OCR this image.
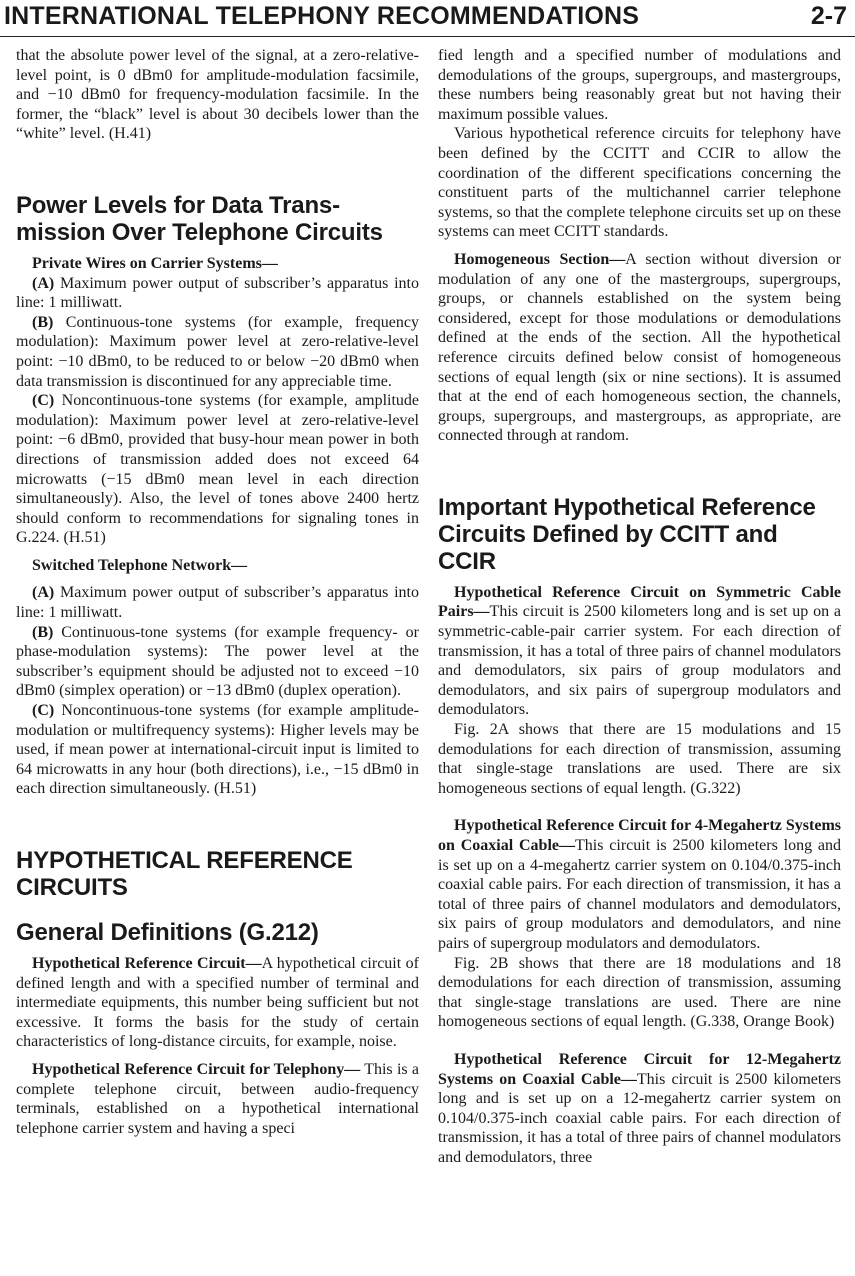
INTERNATIONAL TELEPHONY RECOMMENDATIONS	2-7

that the absolute power level of the signal, at a zero-relative-level point, is 0 dBm0 for amplitude-modulation facsimile, and −10 dBm0 for frequency-modulation facsimile. In the former, the “black” level is about 30 decibels lower than the “white” level. (H.41)

Power Levels for Data Transmission Over Telephone Circuits
Private Wires on Carrier Systems—

(A) Maximum power output of subscriber’s apparatus into line: 1 milliwatt.

(B) Continuous-tone systems (for example, frequency modulation): Maximum power level at zero-relative-level point: −10 dBm0, to be reduced to or below −20 dBm0 when data transmission is discontinued for any appreciable time.

(C) Noncontinuous-tone systems (for example, amplitude modulation): Maximum power level at zero-relative-level point: −6 dBm0, provided that busy-hour mean power in both directions of transmission added does not exceed 64 microwatts (−15 dBm0 mean level in each direction simultaneously). Also, the level of tones above 2400 hertz should conform to recommendations for signaling tones in G.224. (H.51)

Switched Telephone Network—

(A) Maximum power output of subscriber’s apparatus into line: 1 milliwatt.

(B) Continuous-tone systems (for example frequency- or phase-modulation systems): The power level at the subscriber’s equipment should be adjusted not to exceed −10 dBm0 (simplex operation) or −13 dBm0 (duplex operation).

(C) Noncontinuous-tone systems (for example amplitude-modulation or multifrequency systems): Higher levels may be used, if mean power at international-circuit input is limited to 64 microwatts in any hour (both directions), i.e., −15 dBm0 in each direction simultaneously. (H.51)

HYPOTHETICAL REFERENCE CIRCUITS
General Definitions (G.212)

Hypothetical Reference Circuit—A hypothetical circuit of defined length and with a specified number of terminal and intermediate equipments, this number being sufficient but not excessive. It forms the basis for the study of certain characteristics of long-distance circuits, for example, noise.

Hypothetical Reference Circuit for Telephony— This is a complete telephone circuit, between audio-frequency terminals, established on a hypothetical international telephone carrier system and having a speci

fied length and a specified number of modulations and demodulations of the groups, supergroups, and mastergroups, these numbers being reasonably great but not having their maximum possible values.

Various hypothetical reference circuits for telephony have been defined by the CCITT and CCIR to allow the coordination of the different specifications concerning the constituent parts of the multichannel carrier telephone systems, so that the complete telephone circuits set up on these systems can meet CCITT standards.

Homogeneous Section—A section without diversion or modulation of any one of the mastergroups, supergroups, groups, or channels established on the system being considered, except for those modulations or demodulations defined at the ends of the section. All the hypothetical reference circuits defined below consist of homogeneous sections of equal length (six or nine sections). It is assumed that at the end of each homogeneous section, the channels, groups, supergroups, and mastergroups, as appropriate, are connected through at random.

Important Hypothetical Reference Circuits Defined by CCITT and CCIR

Hypothetical Reference Circuit on Symmetric Cable Pairs—This circuit is 2500 kilometers long and is set up on a symmetric-cable-pair carrier system. For each direction of transmission, it has a total of three pairs of channel modulators and demodulators, six pairs of group modulators and demodulators, and six pairs of supergroup modulators and demodulators.

Fig. 2A shows that there are 15 modulations and 15 demodulations for each direction of transmission, assuming that single-stage translations are used. There are six homogeneous sections of equal length. (G.322)

Hypothetical Reference Circuit for 4-Megahertz Systems on Coaxial Cable—This circuit is 2500 kilometers long and is set up on a 4-megahertz carrier system on 0.104/0.375-inch coaxial cable pairs. For each direction of transmission, it has a total of three pairs of channel modulators and demodulators, six pairs of group modulators and demodulators, and nine pairs of supergroup modulators and demodulators.

Fig. 2B shows that there are 18 modulations and 18 demodulations for each direction of transmission, assuming that single-stage translations are used. There are nine homogeneous sections of equal length. (G.338, Orange Book)

Hypothetical Reference Circuit for 12-Megahertz Systems on Coaxial Cable—This circuit is 2500 kilometers long and is set up on a 12-megahertz carrier system on 0.104/0.375-inch coaxial cable pairs. For each direction of transmission, it has a total of three pairs of channel modulators and demodulators, three
